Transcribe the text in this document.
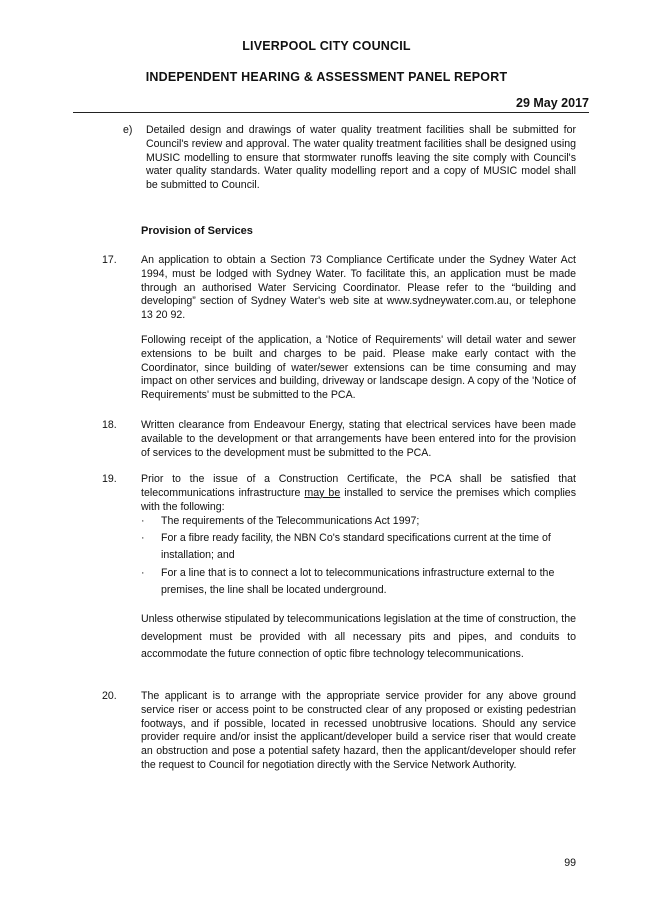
LIVERPOOL CITY COUNCIL
INDEPENDENT HEARING & ASSESSMENT PANEL REPORT
29 May 2017
e)	Detailed design and drawings of water quality treatment facilities shall be submitted for Council's review and approval. The water quality treatment facilities shall be designed using MUSIC modelling to ensure that stormwater runoffs leaving the site comply with Council's water quality standards. Water quality modelling report and a copy of MUSIC model shall be submitted to Council.
Provision of Services
17. An application to obtain a Section 73 Compliance Certificate under the Sydney Water Act 1994, must be lodged with Sydney Water. To facilitate this, an application must be made through an authorised Water Servicing Coordinator. Please refer to the “building and developing” section of Sydney Water's web site at www.sydneywater.com.au, or telephone 13 20 92.
Following receipt of the application, a 'Notice of Requirements' will detail water and sewer extensions to be built and charges to be paid. Please make early contact with the Coordinator, since building of water/sewer extensions can be time consuming and may impact on other services and building, driveway or landscape design. A copy of the 'Notice of Requirements' must be submitted to the PCA.
18. Written clearance from Endeavour Energy, stating that electrical services have been made available to the development or that arrangements have been entered into for the provision of services to the development must be submitted to the PCA.
19. Prior to the issue of a Construction Certificate, the PCA shall be satisfied that telecommunications infrastructure may be installed to service the premises which complies with the following:
· The requirements of the Telecommunications Act 1997;
· For a fibre ready facility, the NBN Co's standard specifications current at the time of installation; and
· For a line that is to connect a lot to telecommunications infrastructure external to the premises, the line shall be located underground.
Unless otherwise stipulated by telecommunications legislation at the time of construction, the development must be provided with all necessary pits and pipes, and conduits to accommodate the future connection of optic fibre technology telecommunications.
20. The applicant is to arrange with the appropriate service provider for any above ground service riser or access point to be constructed clear of any proposed or existing pedestrian footways, and if possible, located in recessed unobtrusive locations. Should any service provider require and/or insist the applicant/developer build a service riser that would create an obstruction and pose a potential safety hazard, then the applicant/developer should refer the request to Council for negotiation directly with the Service Network Authority.
99
